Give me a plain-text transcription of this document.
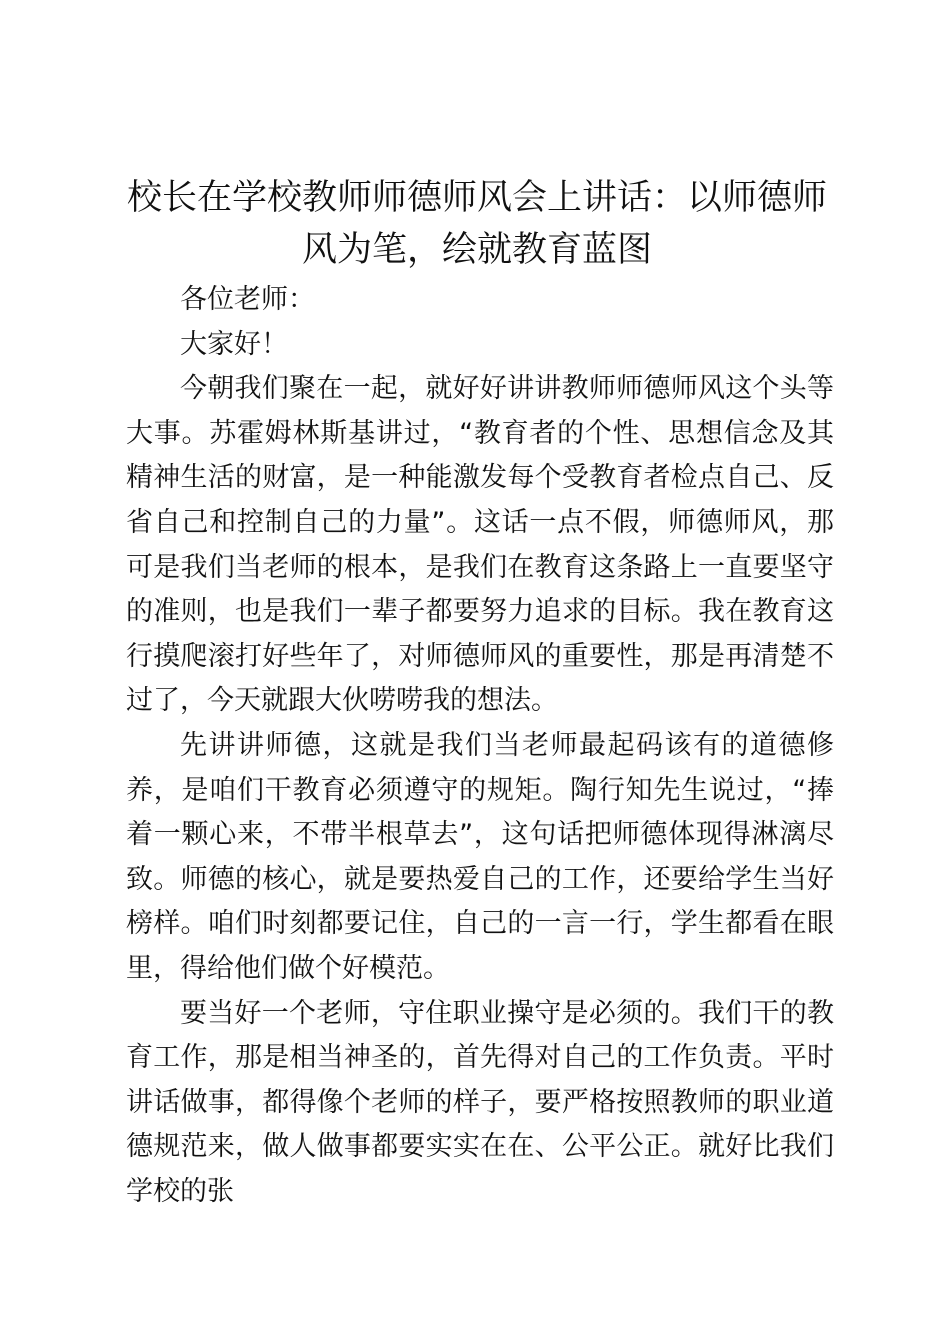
校长在学校教师师德师风会上讲话：以师德师风为笔，绘就教育蓝图

各位老师：

大家好！

今朝我们聚在一起，就好好讲讲教师师德师风这个头等大事。苏霍姆林斯基讲过，“教育者的个性、思想信念及其精神生活的财富，是一种能激发每个受教育者检点自己、反省自己和控制自己的力量”。这话一点不假，师德师风，那可是我们当老师的根本，是我们在教育这条路上一直要坚守的准则，也是我们一辈子都要努力追求的目标。我在教育这行摸爬滚打好些年了，对师德师风的重要性，那是再清楚不过了，今天就跟大伙唠唠我的想法。

先讲讲师德，这就是我们当老师最起码该有的道德修养，是咱们干教育必须遵守的规矩。陶行知先生说过，“捧着一颗心来，不带半根草去”，这句话把师德体现得淋漓尽致。师德的核心，就是要热爱自己的工作，还要给学生当好榜样。咱们时刻都要记住，自己的一言一行，学生都看在眼里，得给他们做个好模范。

要当好一个老师，守住职业操守是必须的。我们干的教育工作，那是相当神圣的，首先得对自己的工作负责。平时讲话做事，都得像个老师的样子，要严格按照教师的职业道德规范来，做人做事都要实实在在、公平公正。就好比我们学校的张
